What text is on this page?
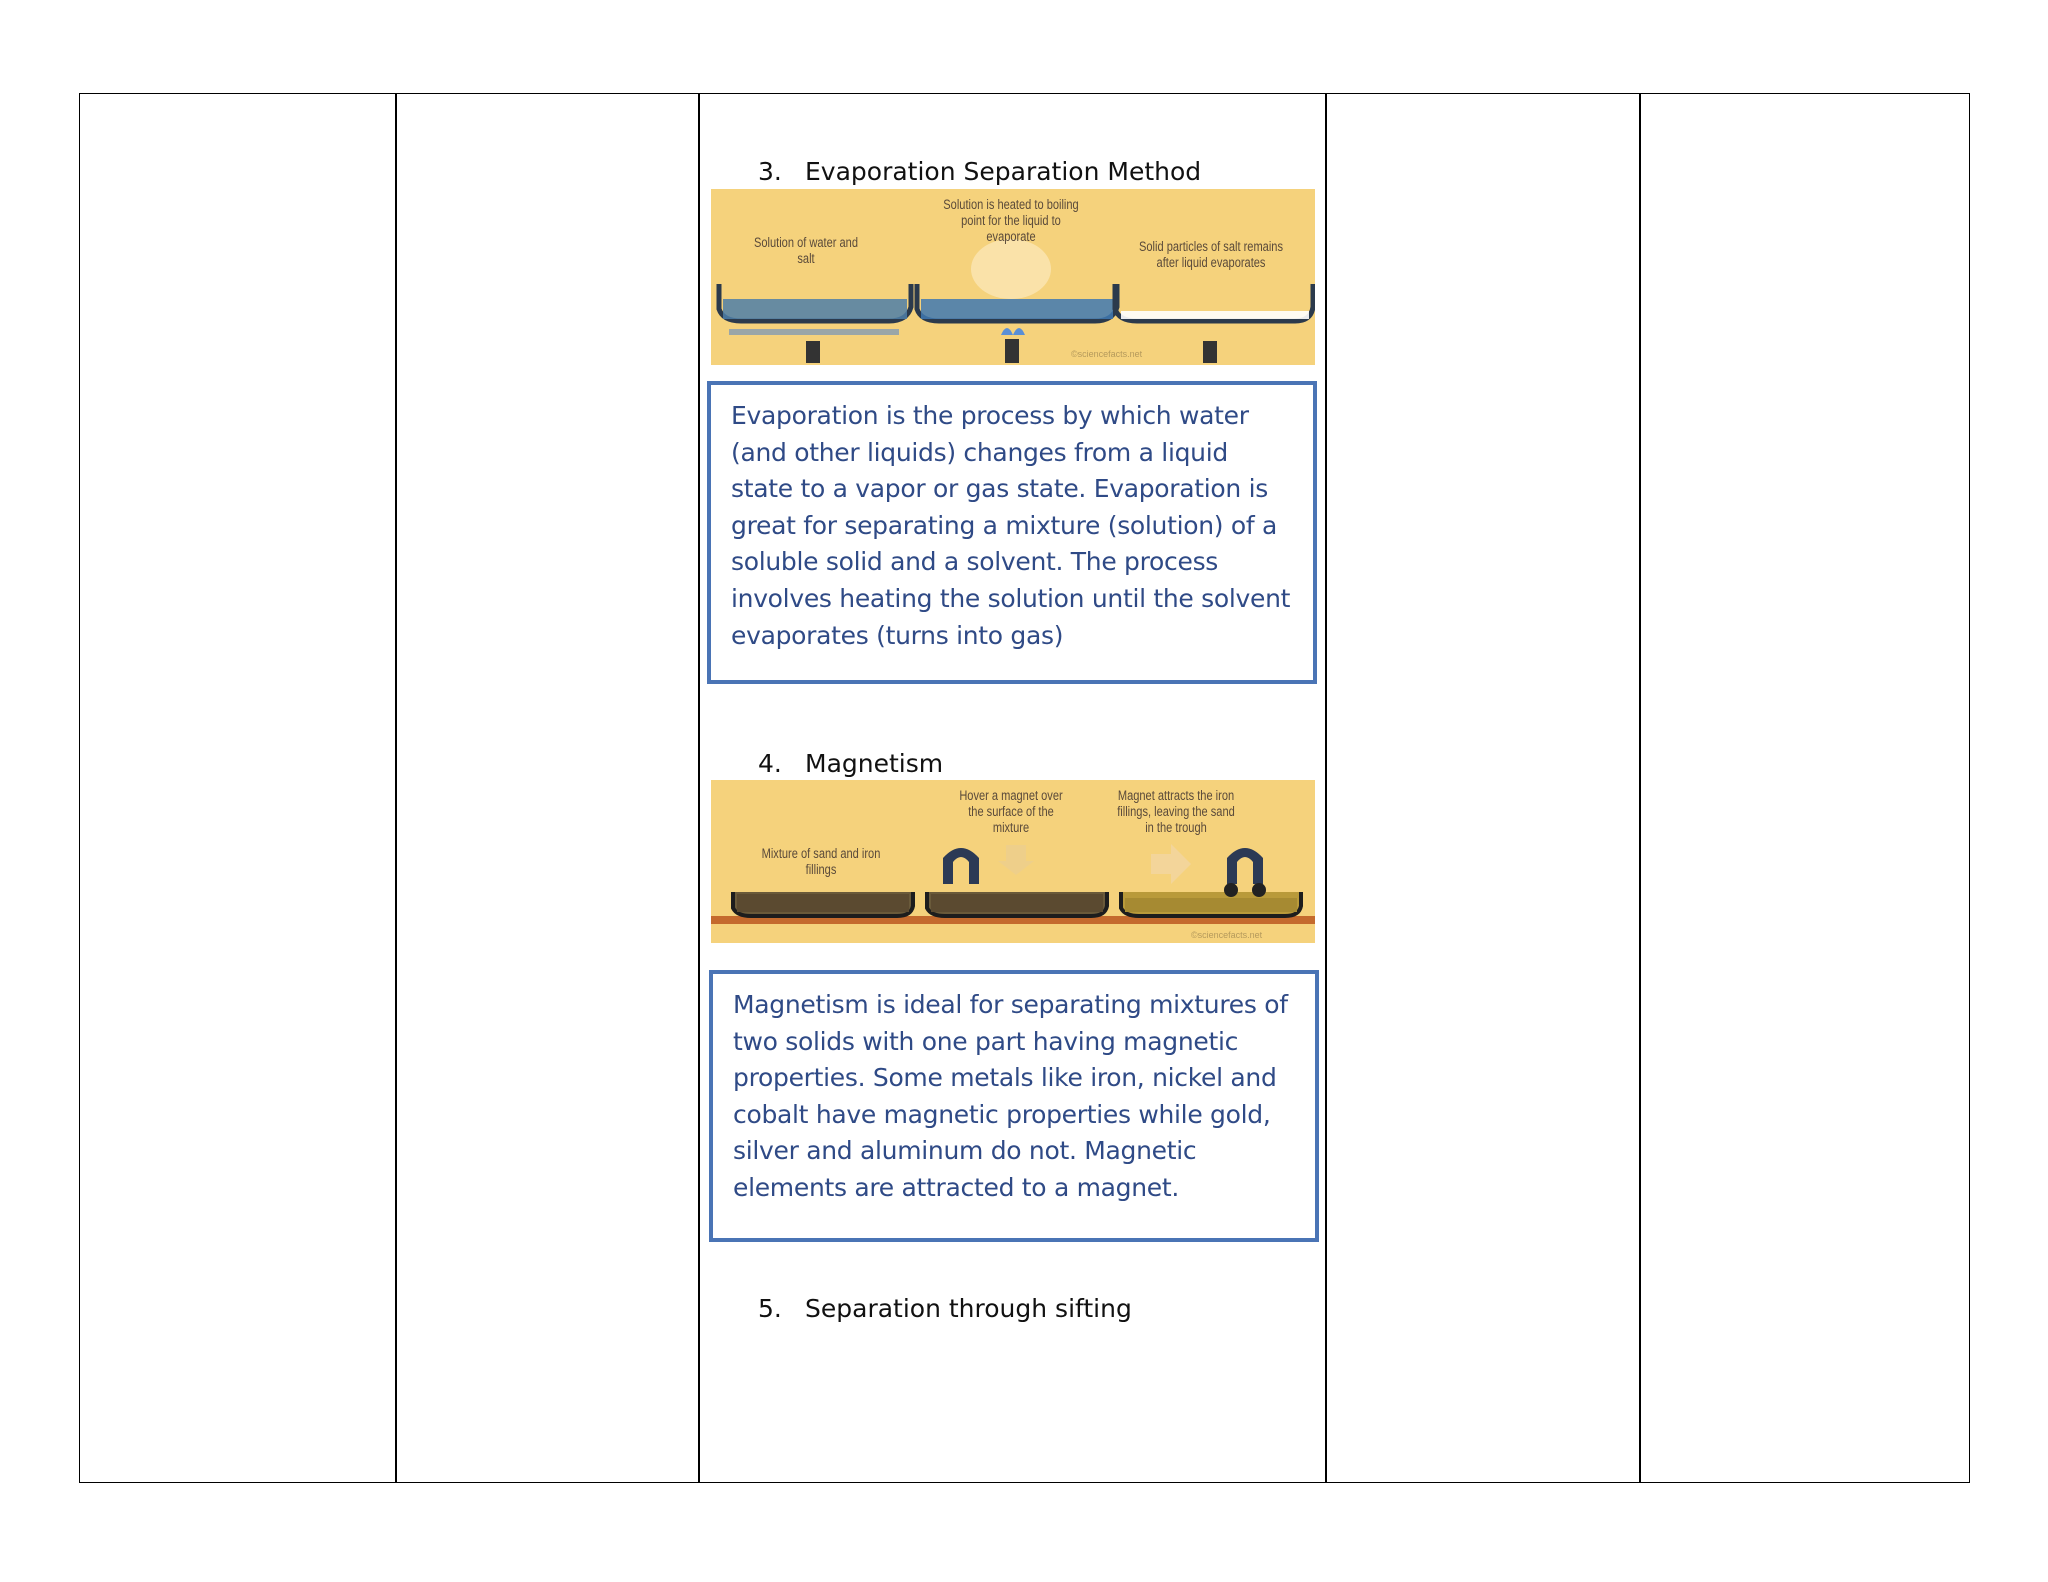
3. Evaporation Separation Method
Solution of water and salt
Solution is heated to boiling point for the liquid to evaporate
Solid particles of salt remains after liquid evaporates
©sciencefacts.net
Evaporation is the process by which water (and other liquids) changes from a liquid state to a vapor or gas state. Evaporation is great for separating a mixture (solution) of a soluble solid and a solvent. The process involves heating the solution until the solvent evaporates (turns into gas)
4. Magnetism
Mixture of sand and iron fillings
Hover a magnet over the surface of the mixture
Magnet attracts the iron fillings, leaving the sand in the trough
©sciencefacts.net
Magnetism is ideal for separating mixtures of two solids with one part having magnetic properties. Some metals like iron, nickel and cobalt have magnetic properties while gold, silver and aluminum do not. Magnetic elements are attracted to a magnet.
5. Separation through sifting
